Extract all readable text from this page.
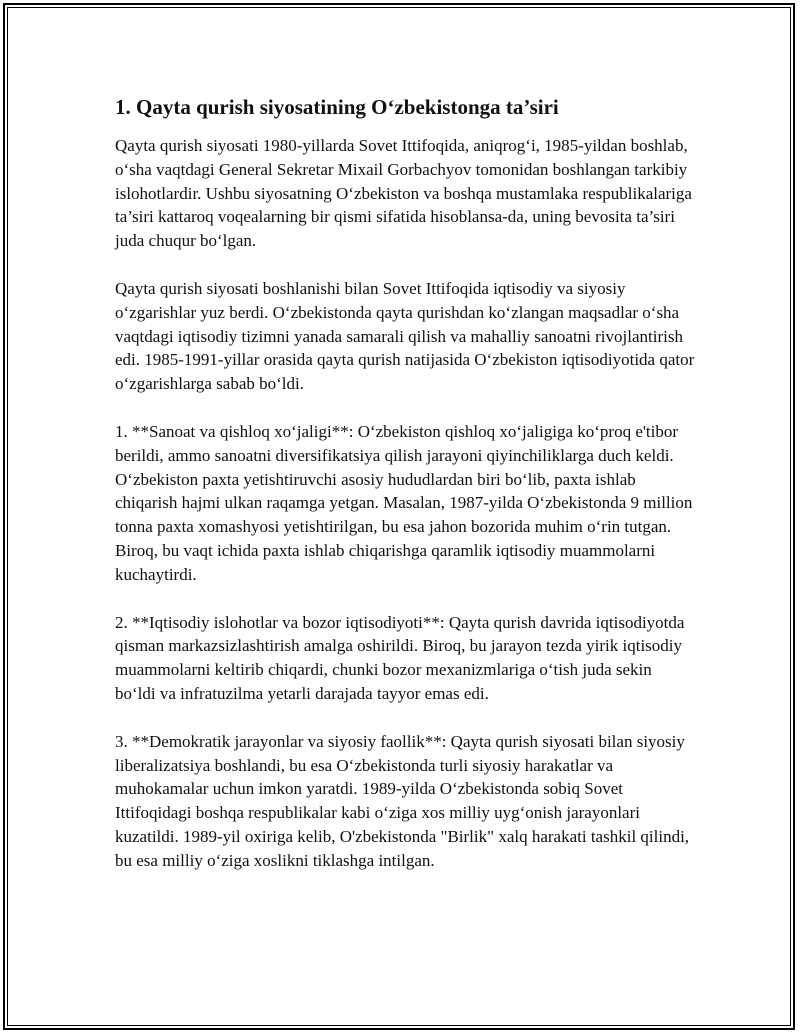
1. Qayta qurish siyosatining O‘zbekistonga ta’siri

Qayta qurish siyosati 1980-yillarda Sovet Ittifoqida, aniqrog‘i, 1985-yildan boshlab, o‘sha vaqtdagi General Sekretar Mixail Gorbachyov tomonidan boshlangan tarkibiy islohotlardir. Ushbu siyosatning O‘zbekiston va boshqa mustamlaka respublikalariga ta’siri kattaroq voqealarning bir qismi sifatida hisoblansa-da, uning bevosita ta’siri juda chuqur bo‘lgan.

Qayta qurish siyosati boshlanishi bilan Sovet Ittifoqida iqtisodiy va siyosiy o‘zgarishlar yuz berdi. O‘zbekistonda qayta qurishdan ko‘zlangan maqsadlar o‘sha vaqtdagi iqtisodiy tizimni yanada samarali qilish va mahalliy sanoatni rivojlantirish edi. 1985-1991-yillar orasida qayta qurish natijasida O‘zbekiston iqtisodiyotida qator o‘zgarishlarga sabab bo‘ldi.

1. **Sanoat va qishloq xo‘jaligi**: O‘zbekiston qishloq xo‘jaligiga ko‘proq e'tibor berildi, ammo sanoatni diversifikatsiya qilish jarayoni qiyinchiliklarga duch keldi. O‘zbekiston paxta yetishtiruvchi asosiy hududlardan biri bo‘lib, paxta ishlab chiqarish hajmi ulkan raqamga yetgan. Masalan, 1987-yilda O‘zbekistonda 9 million tonna paxta xomashyosi yetishtirilgan, bu esa jahon bozorida muhim o‘rin tutgan. Biroq, bu vaqt ichida paxta ishlab chiqarishga qaramlik iqtisodiy muammolarni kuchaytirdi.

2. **Iqtisodiy islohotlar va bozor iqtisodiyoti**: Qayta qurish davrida iqtisodiyotda qisman markazsizlashtirish amalga oshirildi. Biroq, bu jarayon tezda yirik iqtisodiy muammolarni keltirib chiqardi, chunki bozor mexanizmlariga o‘tish juda sekin bo‘ldi va infratuzilma yetarli darajada tayyor emas edi.

3. **Demokratik jarayonlar va siyosiy faollik**: Qayta qurish siyosati bilan siyosiy liberalizatsiya boshlandi, bu esa O‘zbekistonda turli siyosiy harakatlar va muhokamalar uchun imkon yaratdi. 1989-yilda O‘zbekistonda sobiq Sovet Ittifoqidagi boshqa respublikalar kabi o‘ziga xos milliy uyg‘onish jarayonlari kuzatildi. 1989-yil oxiriga kelib, O'zbekistonda "Birlik" xalq harakati tashkil qilindi, bu esa milliy o‘ziga xoslikni tiklashga intilgan.
